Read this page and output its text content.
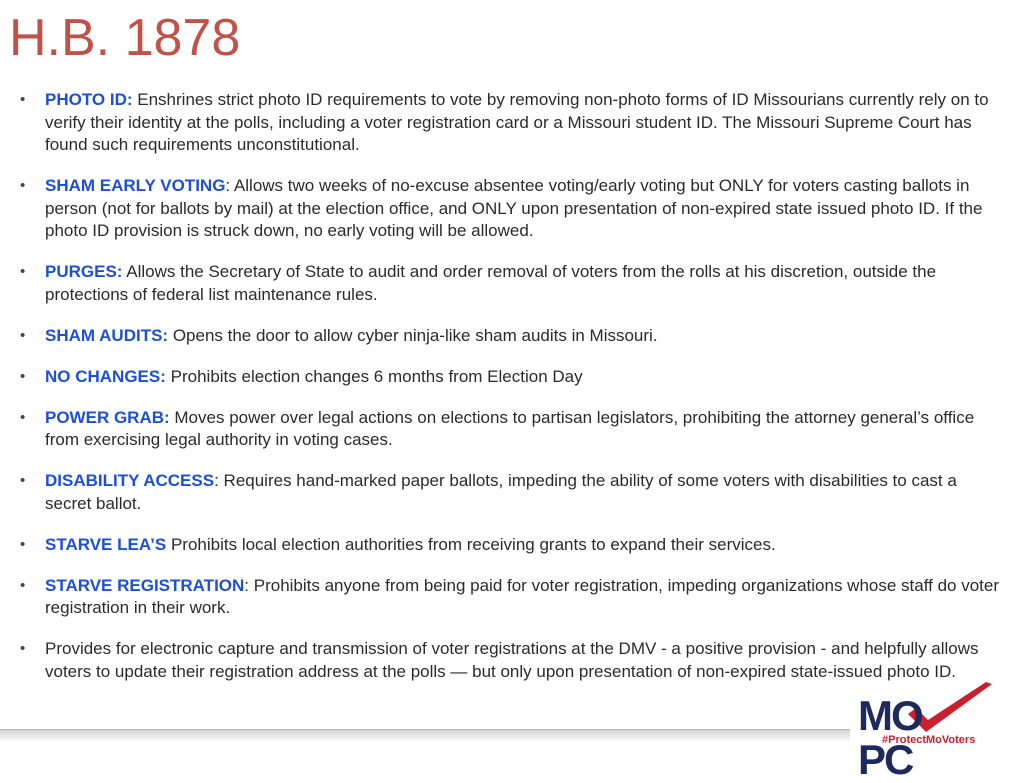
H.B. 1878
• PHOTO ID: Enshrines strict photo ID requirements to vote by removing non-photo forms of ID Missourians currently rely on to verify their identity at the polls, including a voter registration card or a Missouri student ID. The Missouri Supreme Court has found such requirements unconstitutional.
• SHAM EARLY VOTING: Allows two weeks of no-excuse absentee voting/early voting but ONLY for voters casting ballots in person (not for ballots by mail) at the election office, and ONLY upon presentation of non-expired state issued photo ID. If the photo ID provision is struck down, no early voting will be allowed.
• PURGES: Allows the Secretary of State to audit and order removal of voters from the rolls at his discretion, outside the protections of federal list maintenance rules.
• SHAM AUDITS: Opens the door to allow cyber ninja-like sham audits in Missouri.
• NO CHANGES: Prohibits election changes 6 months from Election Day
• POWER GRAB: Moves power over legal actions on elections to partisan legislators, prohibiting the attorney general’s office from exercising legal authority in voting cases.
• DISABILITY ACCESS: Requires hand-marked paper ballots, impeding the ability of some voters with disabilities to cast a secret ballot.
• STARVE LEA’S Prohibits local election authorities from receiving grants to expand their services.
• STARVE REGISTRATION: Prohibits anyone from being paid for voter registration, impeding organizations whose staff do voter registration in their work.
• Provides for electronic capture and transmission of voter registrations at the DMV - a positive provision - and helpfully allows voters to update their registration address at the polls — but only upon presentation of non-expired state-issued photo ID.
MOPC
#ProtectMoVoters
